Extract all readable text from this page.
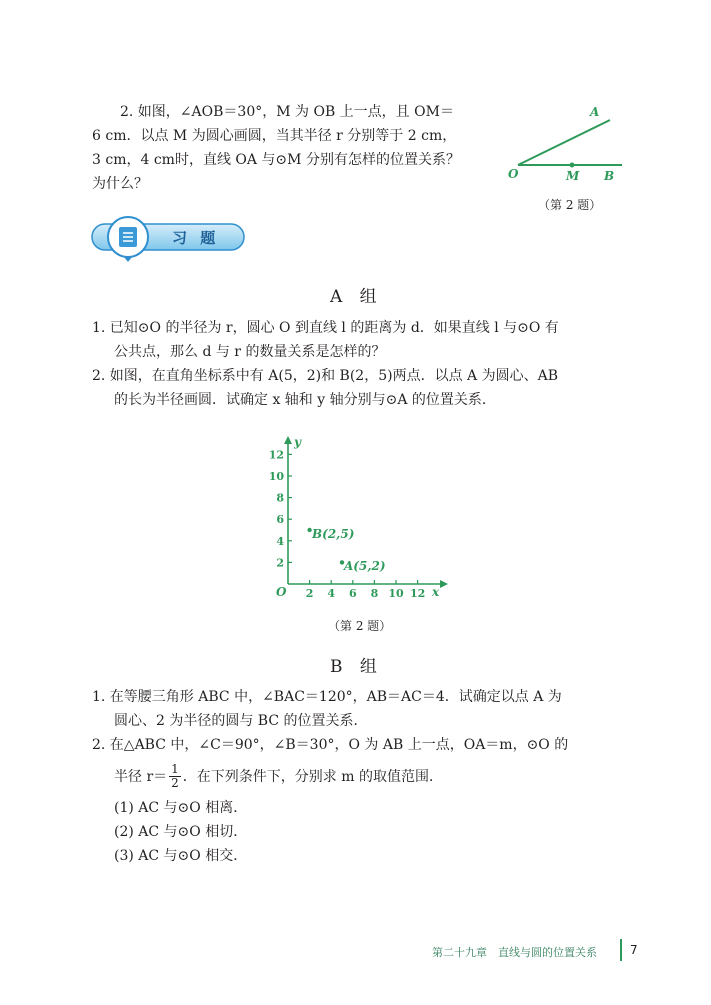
2. 如图，∠AOB＝30°，M 为 OB 上一点，且 OM＝
6 cm．以点 M 为圆心画圆，当其半径 r 分别等于 2 cm，
3 cm，4 cm时，直线 OA 与⊙M 分别有怎样的位置关系？
为什么？
A
O	M B
（第 2 题）
习 题
A 组
1. 已知⊙O 的半径为 r，圆心 O 到直线 l 的距离为 d．如果直线 l 与⊙O 有
公共点，那么 d 与 r 的数量关系是怎样的？
2. 如图，在直角坐标系中有 A(5，2)和 B(2，5)两点．以点 A 为圆心、AB
的长为半径画圆．试确定 x 轴和 y 轴分别与⊙A 的位置关系．
y
x
O 2 4 6 8 10 12
2
4
6
8
10
12
B(2,5)
A(5,2)
（第 2 题）
B 组
1. 在等腰三角形 ABC 中，∠BAC＝120°，AB＝AC＝4．试确定以点 A 为
圆心、2 为半径的圆与 BC 的位置关系．
2. 在△ABC 中，∠C＝90°，∠B＝30°，O 为 AB 上一点，OA＝m，⊙O 的
半径 $r= \frac{1}{2}$ ．在下列条件下，分别求 m 的取值范围．
(1) AC 与⊙O 相离．
(2) AC 与⊙O 相切．
(3) AC 与⊙O 相交．
第二十九章　直线与圆的位置关系	7
